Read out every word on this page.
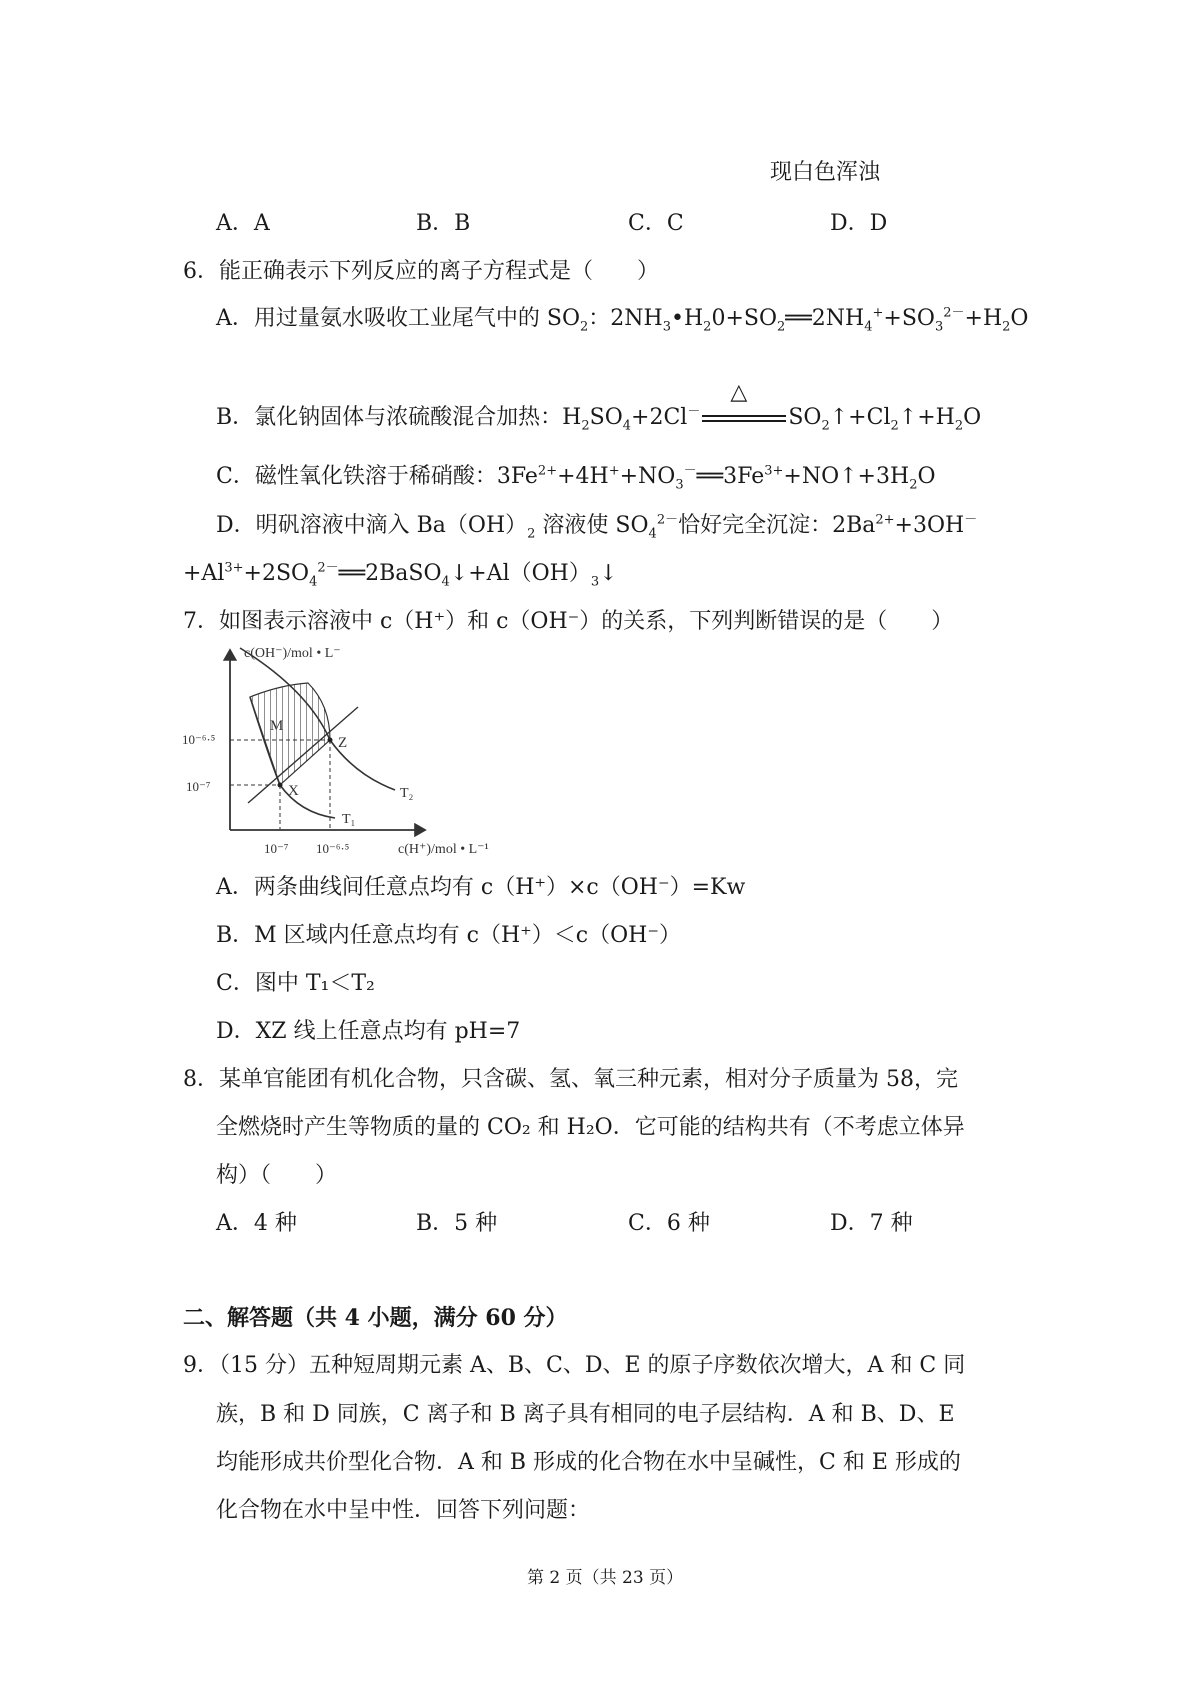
现白色浑浊
A．A	B．B	C．C	D．D
6．能正确表示下列反应的离子方程式是（　　）
A．用过量氨水吸收工业尾气中的 $SO_2$：$2NH_3•H_20+SO_2══2NH_4^++SO_3^{2-}+H_2O$
B．氯化钠固体与浓硫酸混合加热：$H_2SO_4+2Cl^-$
△
$SO_2↑+Cl_2↑+H_2O$
C．磁性氧化铁溶于稀硝酸：$3Fe^{2+}+4H^++NO_3^-══3Fe^{3+}+NO↑+3H_2O$
D．明矾溶液中滴入 $Ba(OH)_2$ 溶液使 $SO_4^{2-}$恰好完全沉淀：$2Ba^{2+}+3OH^-$
$+Al^{3+}+2SO_4^{2-}══2BaSO_4↓+Al(OH)_3↓$
7．如图表示溶液中 c（H⁺）和 c（OH⁻）的关系，下列判断错误的是（　　）
c(OH⁻)/mol • L⁻
c(H⁺)/mol • L⁻¹
10⁻⁶·⁵
10⁻⁷
10⁻⁷ 10⁻⁶·⁵
M
Z
X	T₂
T₁
A．两条曲线间任意点均有 c（H⁺）×c（OH⁻）=Kw
B．M 区域内任意点均有 c（H⁺）＜c（OH⁻）
C．图中 T₁＜T₂
D．XZ 线上任意点均有 pH=7
8．某单官能团有机化合物，只含碳、氢、氧三种元素，相对分子质量为 58，完
全燃烧时产生等物质的量的 CO₂ 和 H₂O．它可能的结构共有（不考虑立体异
构）（　　）
A．4 种	B．5 种	C．6 种	D．7 种
二、解答题（共 4 小题，满分 60 分）
9．（15 分）五种短周期元素 A、B、C、D、E 的原子序数依次增大，A 和 C 同
族，B 和 D 同族，C 离子和 B 离子具有相同的电子层结构．A 和 B、D、E
均能形成共价型化合物．A 和 B 形成的化合物在水中呈碱性，C 和 E 形成的
化合物在水中呈中性．回答下列问题：
第 2 页（共 23 页）
